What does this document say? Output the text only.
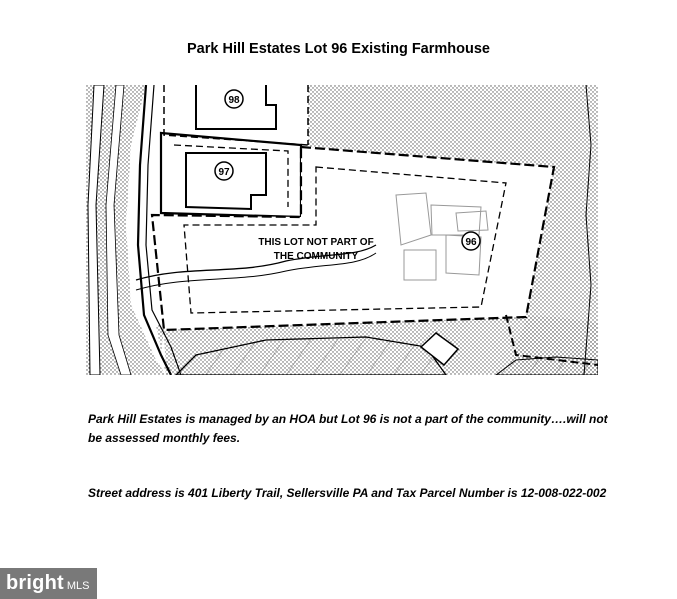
Park Hill Estates Lot 96 Existing Farmhouse
98
97
96
THIS LOT NOT PART OF
THE COMMUNITY
Park Hill Estates is managed by an HOA but Lot 96 is not a part of the community….will not be assessed monthly fees.
Street address is 401 Liberty Trail, Sellersville PA and Tax Parcel Number is 12-008-022-002
bright MLS
